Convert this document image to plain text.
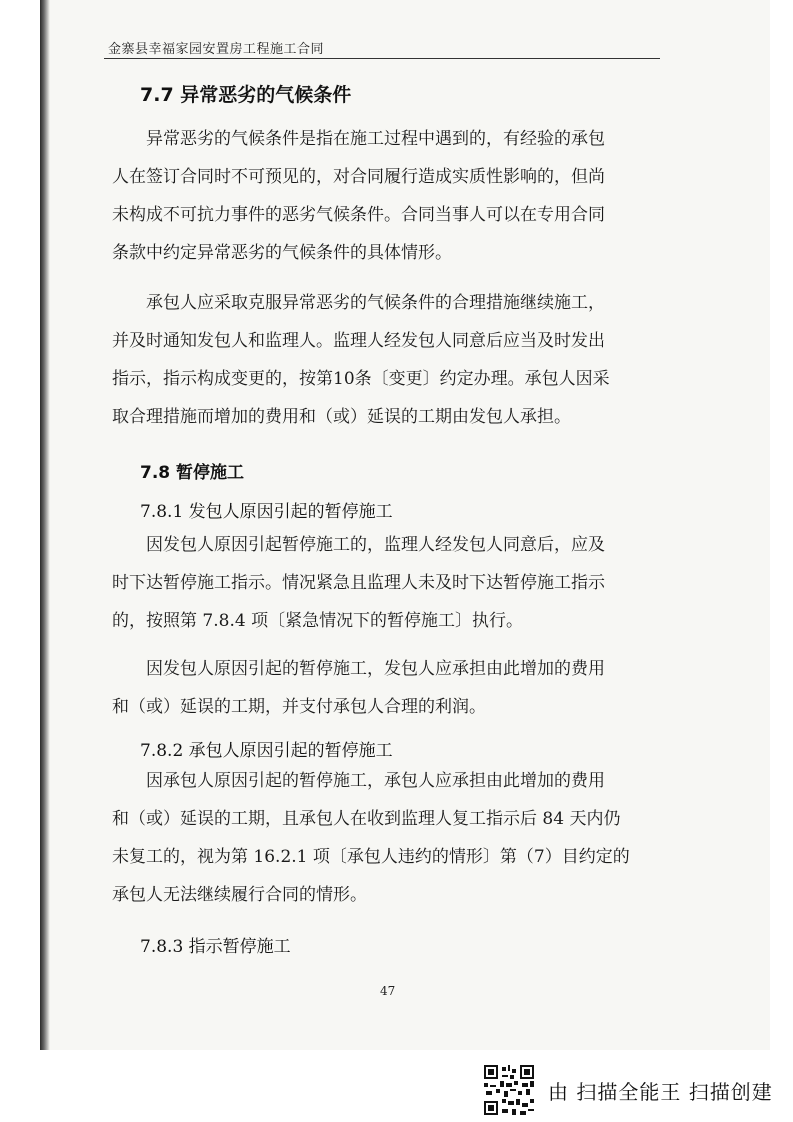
金寨县幸福家园安置房工程施工合同
7.7 异常恶劣的气候条件
异常恶劣的气候条件是指在施工过程中遇到的，有经验的承包
人在签订合同时不可预见的，对合同履行造成实质性影响的，但尚
未构成不可抗力事件的恶劣气候条件。合同当事人可以在专用合同
条款中约定异常恶劣的气候条件的具体情形。
承包人应采取克服异常恶劣的气候条件的合理措施继续施工，
并及时通知发包人和监理人。监理人经发包人同意后应当及时发出
指示，指示构成变更的，按第10条〔变更〕约定办理。承包人因采
取合理措施而增加的费用和（或）延误的工期由发包人承担。
7.8 暂停施工
7.8.1 发包人原因引起的暂停施工
因发包人原因引起暂停施工的，监理人经发包人同意后，应及
时下达暂停施工指示。情况紧急且监理人未及时下达暂停施工指示
的，按照第 7.8.4 项〔紧急情况下的暂停施工〕执行。
因发包人原因引起的暂停施工，发包人应承担由此增加的费用
和（或）延误的工期，并支付承包人合理的利润。
7.8.2 承包人原因引起的暂停施工
因承包人原因引起的暂停施工，承包人应承担由此增加的费用
和（或）延误的工期，且承包人在收到监理人复工指示后 84 天内仍
未复工的，视为第 16.2.1 项〔承包人违约的情形〕第（7）目约定的
承包人无法继续履行合同的情形。
7.8.3 指示暂停施工
47
由 扫描全能王 扫描创建
